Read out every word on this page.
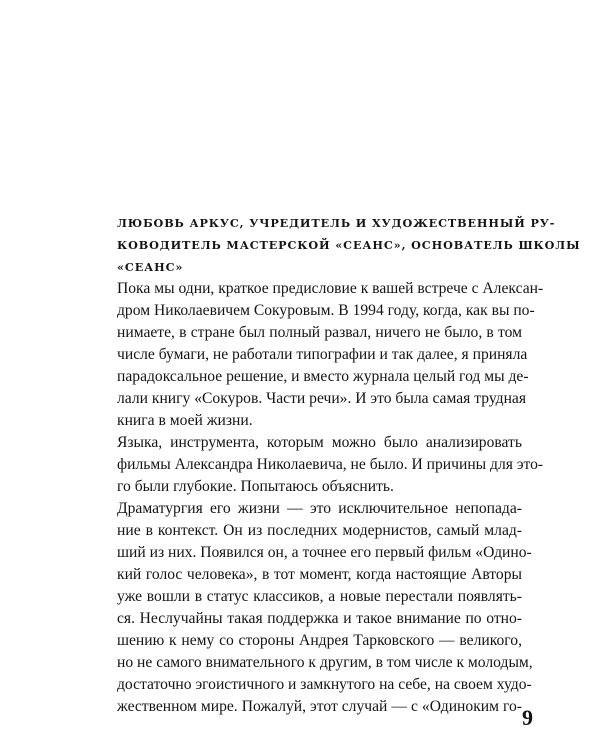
ЛЮБОВЬ АРКУС, УЧРЕДИТЕЛЬ И ХУДОЖЕСТВЕННЫЙ РУ-
КОВОДИТЕЛЬ МАСТЕРСКОЙ «СЕАНС», ОСНОВАТЕЛЬ ШКОЛЫ
«СЕАНС»
Пока мы одни, краткое предисловие к вашей встрече с Алексан-
дром Николаевичем Сокуровым. В 1994 году, когда, как вы по-
нимаете, в стране был полный развал, ничего не было, в том
числе бумаги, не работали типографии и так далее, я приняла
парадоксальное решение, и вместо журнала целый год мы де-
лали книгу «Сокуров. Части речи». И это была самая трудная
книга в моей жизни.
Языка, инструмента, которым можно было анализировать
фильмы Александра Николаевича, не было. И причины для это-
го были глубокие. Попытаюсь объяснить.
Драматургия его жизни — это исключительное непопада-
ние в контекст. Он из последних модернистов, самый млад-
ший из них. Появился он, а точнее его первый фильм «Одино-
кий голос человека», в тот момент, когда настоящие Авторы
уже вошли в статус классиков, а новые перестали появлять-
ся. Неслучайны такая поддержка и такое внимание по отно-
шению к нему со стороны Андрея Тарковского — великого,
но не самого внимательного к другим, в том числе к молодым,
достаточно эгоистичного и замкнутого на себе, на своем худо-
жественном мире. Пожалуй, этот случай — с «Одиноким го- 9
